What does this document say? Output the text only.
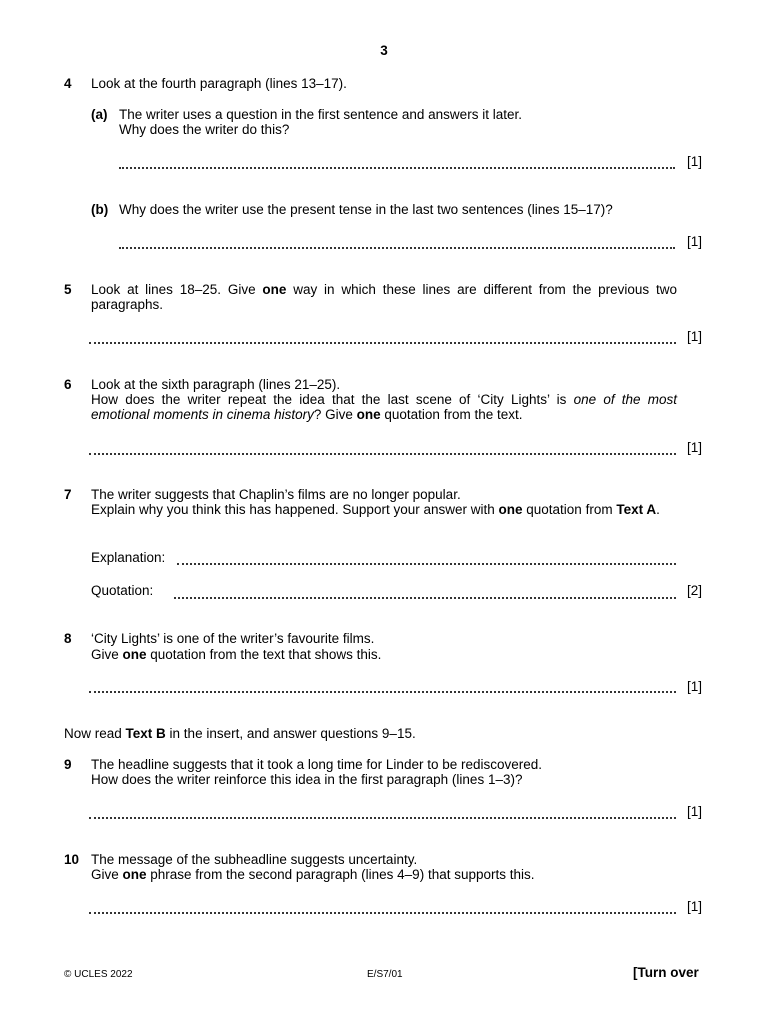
3
4 Look at the fourth paragraph (lines 13–17).
(a) The writer uses a question in the first sentence and answers it later.
Why does the writer do this?
[1]
(b) Why does the writer use the present tense in the last two sentences (lines 15–17)?
[1]
5 Look at lines 18–25. Give one way in which these lines are different from the previous two paragraphs.
[1]
6 Look at the sixth paragraph (lines 21–25).
How does the writer repeat the idea that the last scene of ‘City Lights’ is one of the most emotional moments in cinema history? Give one quotation from the text.
[1]
7 The writer suggests that Chaplin’s films are no longer popular.
Explain why you think this has happened. Support your answer with one quotation from Text A.
Explanation:
Quotation:	[2]
8 ‘City Lights’ is one of the writer’s favourite films.
Give one quotation from the text that shows this.
[1]
Now read Text B in the insert, and answer questions 9–15.
9 The headline suggests that it took a long time for Linder to be rediscovered.
How does the writer reinforce this idea in the first paragraph (lines 1–3)?
[1]
10 The message of the subheadline suggests uncertainty.
Give one phrase from the second paragraph (lines 4–9) that supports this.
[1]
© UCLES 2022	E/S7/01	[Turn over
